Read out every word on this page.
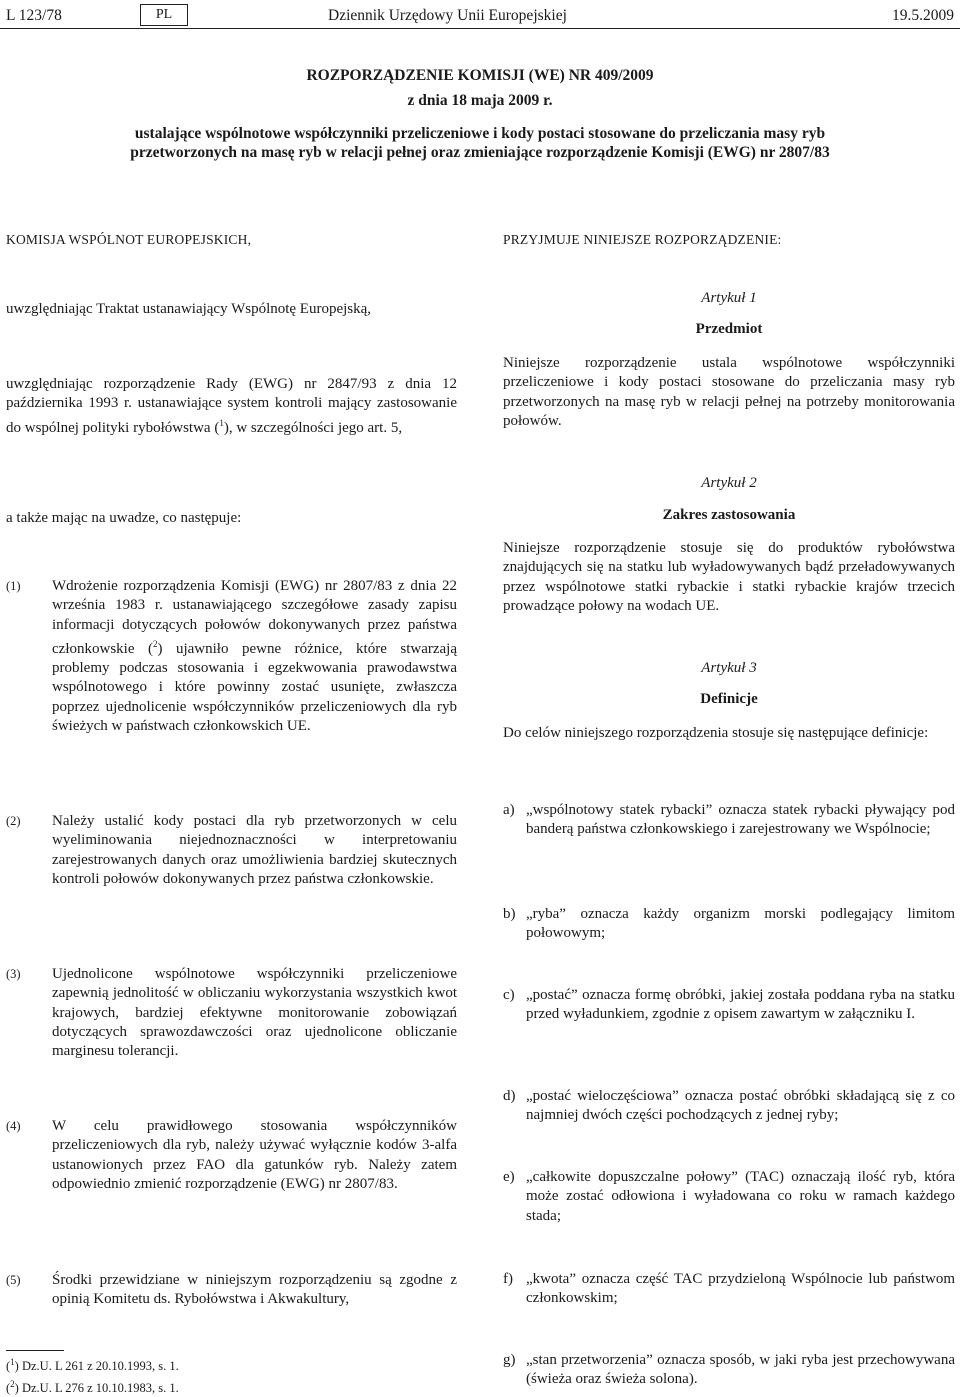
L 123/78	PL	Dziennik Urzędowy Unii Europejskiej	19.5.2009

ROZPORZĄDZENIE KOMISJI (WE) NR 409/2009

z dnia 18 maja 2009 r.

ustalające wspólnotowe współczynniki przeliczeniowe i kody postaci stosowane do przeliczania masy ryb przetworzonych na masę ryb w relacji pełnej oraz zmieniające rozporządzenie Komisji (EWG) nr 2807/83

KOMISJA WSPÓLNOT EUROPEJSKICH,
uwzględniając Traktat ustanawiający Wspólnotę Europejską,
uwzględniając rozporządzenie Rady (EWG) nr 2847/93 z dnia 12 października 1993 r. ustanawiające system kontroli mający zastosowanie do wspólnej polityki rybołówstwa ($^1$), w szczególności jego art. 5,
a także mając na uwadze, co następuje:
(1) Wdrożenie rozporządzenia Komisji (EWG) nr 2807/83 z dnia 22 września 1983 r. ustanawiającego szczegółowe zasady zapisu informacji dotyczących połowów dokonywanych przez państwa członkowskie ($^2$) ujawniło pewne różnice, które stwarzają problemy podczas stosowania i egzekwowania prawodawstwa wspólnotowego i które powinny zostać usunięte, zwłaszcza poprzez ujednolicenie współczynników przeliczeniowych dla ryb świeżych w państwach członkowskich UE.
(2) Należy ustalić kody postaci dla ryb przetworzonych w celu wyeliminowania niejednoznaczności w interpretowaniu zarejestrowanych danych oraz umożliwienia bardziej skutecznych kontroli połowów dokonywanych przez państwa członkowskie.
(3) Ujednolicone wspólnotowe współczynniki przeliczeniowe zapewnią jednolitość w obliczaniu wykorzystania wszystkich kwot krajowych, bardziej efektywne monitorowanie zobowiązań dotyczących sprawozdawczości oraz ujednolicone obliczanie marginesu tolerancji.
(4) W celu prawidłowego stosowania współczynników przeliczeniowych dla ryb, należy używać wyłącznie kodów 3-alfa ustanowionych przez FAO dla gatunków ryb. Należy zatem odpowiednio zmienić rozporządzenie (EWG) nr 2807/83.
(5) Środki przewidziane w niniejszym rozporządzeniu są zgodne z opinią Komitetu ds. Rybołówstwa i Akwakultury,
($^1$) Dz.U. L 261 z 20.10.1993, s. 1.
($^2$) Dz.U. L 276 z 10.10.1983, s. 1.
PRZYJMUJE NINIEJSZE ROZPORZĄDZENIE:
Artykuł 1
Przedmiot
Niniejsze rozporządzenie ustala wspólnotowe współczynniki przeliczeniowe i kody postaci stosowane do przeliczania masy ryb przetworzonych na masę ryb w relacji pełnej na potrzeby monitorowania połowów.
Artykuł 2
Zakres zastosowania
Niniejsze rozporządzenie stosuje się do produktów rybołówstwa znajdujących się na statku lub wyładowywanych bądź przeładowywanych przez wspólnotowe statki rybackie i statki rybackie krajów trzecich prowadzące połowy na wodach UE.
Artykuł 3
Definicje
Do celów niniejszego rozporządzenia stosuje się następujące definicje:
a) „wspólnotowy statek rybacki” oznacza statek rybacki pływający pod banderą państwa członkowskiego i zarejestrowany we Wspólnocie;
b) „ryba” oznacza każdy organizm morski podlegający limitom połowowym;
c) „postać” oznacza formę obróbki, jakiej została poddana ryba na statku przed wyładunkiem, zgodnie z opisem zawartym w załączniku I.
d) „postać wieloczęściowa” oznacza postać obróbki składającą się z co najmniej dwóch części pochodzących z jednej ryby;
e) „całkowite dopuszczalne połowy” (TAC) oznaczają ilość ryb, która może zostać odłowiona i wyładowana co roku w ramach każdego stada;
f) „kwota” oznacza część TAC przydzieloną Wspólnocie lub państwom członkowskim;
g) „stan przetworzenia” oznacza sposób, w jaki ryba jest przechowywana (świeża oraz świeża solona).
